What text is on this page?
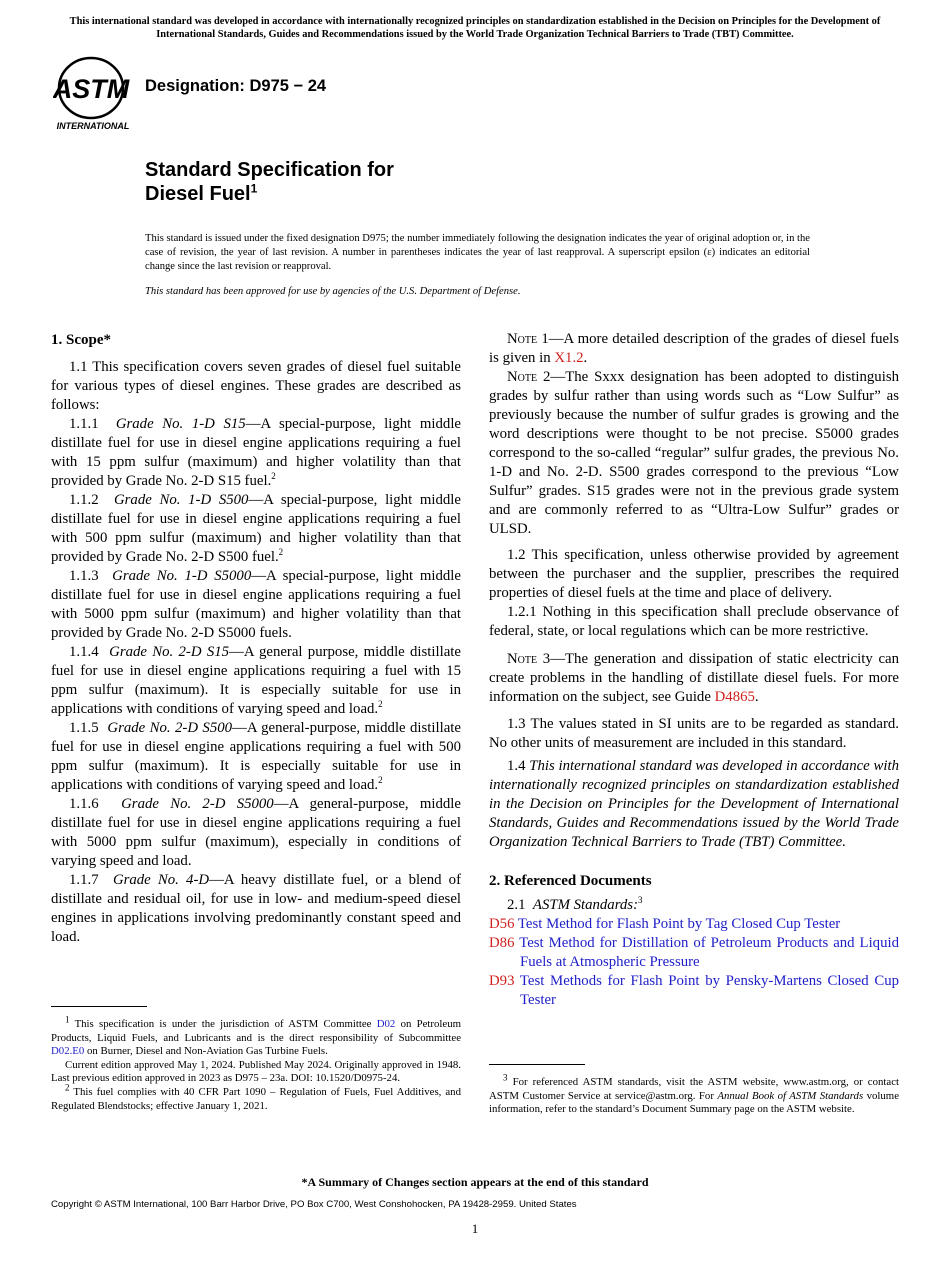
This international standard was developed in accordance with internationally recognized principles on standardization established in the Decision on Principles for the Development of International Standards, Guides and Recommendations issued by the World Trade Organization Technical Barriers to Trade (TBT) Committee.
ASTM
INTERNATIONAL
Designation: D975 − 24
Standard Specification for
Diesel Fuel$^1$
This standard is issued under the fixed designation D975; the number immediately following the designation indicates the year of original adoption or, in the case of revision, the year of last revision. A number in parentheses indicates the year of last reapproval. A superscript epsilon (ε) indicates an editorial change since the last revision or reapproval.
This standard has been approved for use by agencies of the U.S. Department of Defense.
1. Scope*

1.1 This specification covers seven grades of diesel fuel suitable for various types of diesel engines. These grades are described as follows:

1.1.1 Grade No. 1-D S15—A special-purpose, light middle distillate fuel for use in diesel engine applications requiring a fuel with 15 ppm sulfur (maximum) and higher volatility than that provided by Grade No. 2-D S15 fuel.$^2$

1.1.2 Grade No. 1-D S500—A special-purpose, light middle distillate fuel for use in diesel engine applications requiring a fuel with 500 ppm sulfur (maximum) and higher volatility than that provided by Grade No. 2-D S500 fuel.$^2$

1.1.3 Grade No. 1-D S5000—A special-purpose, light middle distillate fuel for use in diesel engine applications requiring a fuel with 5000 ppm sulfur (maximum) and higher volatility than that provided by Grade No. 2-D S5000 fuels.

1.1.4 Grade No. 2-D S15—A general purpose, middle distillate fuel for use in diesel engine applications requiring a fuel with 15 ppm sulfur (maximum). It is especially suitable for use in applications with conditions of varying speed and load.$^2$

1.1.5 Grade No. 2-D S500—A general-purpose, middle distillate fuel for use in diesel engine applications requiring a fuel with 500 ppm sulfur (maximum). It is especially suitable for use in applications with conditions of varying speed and load.$^2$

1.1.6 Grade No. 2-D S5000—A general-purpose, middle distillate fuel for use in diesel engine applications requiring a fuel with 5000 ppm sulfur (maximum), especially in conditions of varying speed and load.

1.1.7 Grade No. 4-D—A heavy distillate fuel, or a blend of distillate and residual oil, for use in low- and medium-speed diesel engines in applications involving predominantly constant speed and load.

$^1$ This specification is under the jurisdiction of ASTM Committee D02 on Petroleum Products, Liquid Fuels, and Lubricants and is the direct responsibility of Subcommittee D02.E0 on Burner, Diesel and Non-Aviation Gas Turbine Fuels.

Current edition approved May 1, 2024. Published May 2024. Originally approved in 1948. Last previous edition approved in 2023 as D975 – 23a. DOI: 10.1520/D0975-24.

$^2$ This fuel complies with 40 CFR Part 1090 – Regulation of Fuels, Fuel Additives, and Regulated Blendstocks; effective January 1, 2021.

Note 1—A more detailed description of the grades of diesel fuels is given in X1.2.

Note 2—The Sxxx designation has been adopted to distinguish grades by sulfur rather than using words such as “Low Sulfur” as previously because the number of sulfur grades is growing and the word descriptions were thought to be not precise. S5000 grades correspond to the so-called “regular” sulfur grades, the previous No. 1-D and No. 2-D. S500 grades correspond to the previous “Low Sulfur” grades. S15 grades were not in the previous grade system and are commonly referred to as “Ultra-Low Sulfur” grades or ULSD.

1.2 This specification, unless otherwise provided by agreement between the purchaser and the supplier, prescribes the required properties of diesel fuels at the time and place of delivery.

1.2.1 Nothing in this specification shall preclude observance of federal, state, or local regulations which can be more restrictive.

Note 3—The generation and dissipation of static electricity can create problems in the handling of distillate diesel fuels. For more information on the subject, see Guide D4865.

1.3 The values stated in SI units are to be regarded as standard. No other units of measurement are included in this standard.

1.4 This international standard was developed in accordance with internationally recognized principles on standardization established in the Decision on Principles for the Development of International Standards, Guides and Recommendations issued by the World Trade Organization Technical Barriers to Trade (TBT) Committee.

2. Referenced Documents

2.1 ASTM Standards:$^3$

D56 Test Method for Flash Point by Tag Closed Cup Tester
D86 Test Method for Distillation of Petroleum Products and Liquid Fuels at Atmospheric Pressure
D93 Test Methods for Flash Point by Pensky-Martens Closed Cup Tester

$^3$ For referenced ASTM standards, visit the ASTM website, www.astm.org, or contact ASTM Customer Service at service@astm.org. For Annual Book of ASTM Standards volume information, refer to the standard’s Document Summary page on the ASTM website.

*A Summary of Changes section appears at the end of this standard
Copyright © ASTM International, 100 Barr Harbor Drive, PO Box C700, West Conshohocken, PA 19428-2959. United States
1
